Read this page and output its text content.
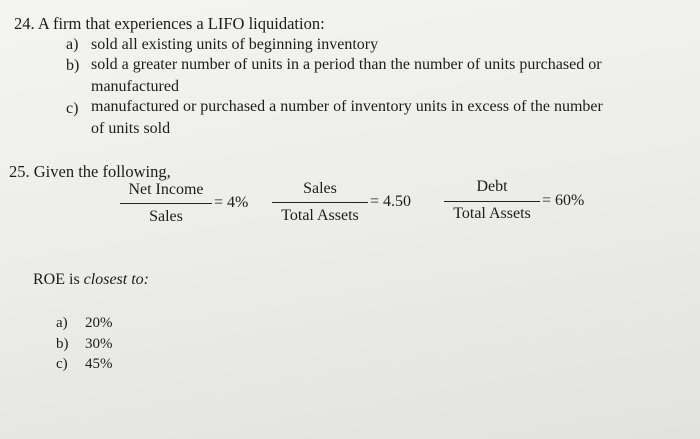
24. A firm that experiences a LIFO liquidation:
a) sold all existing units of beginning inventory
b) sold a greater number of units in a period than the number of units purchased or
manufactured
c) manufactured or purchased a number of inventory units in excess of the number
of units sold
25. Given the following,
Net Income
Sales
= 4%
Sales
Total Assets
= 4.50
Debt
Total Assets
= 60%
ROE is closest to:
a) 20%
b) 30%
c) 45%
